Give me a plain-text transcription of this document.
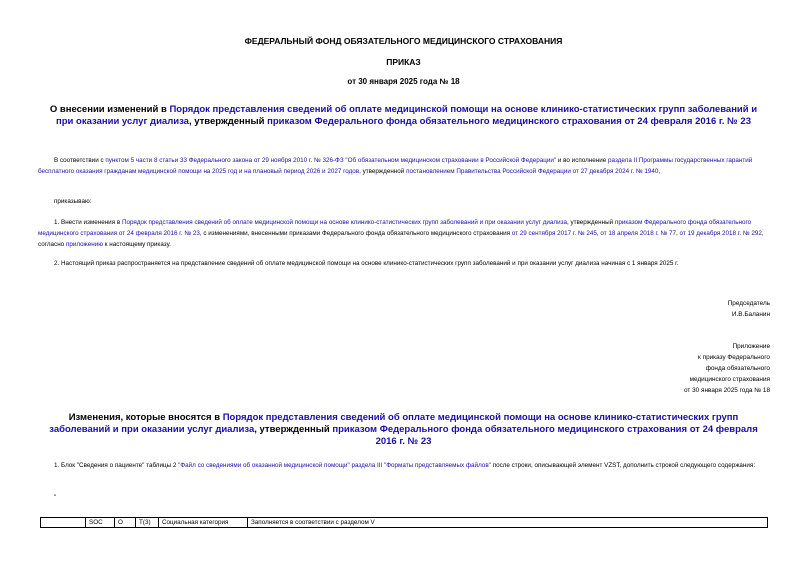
ФЕДЕРАЛЬНЫЙ ФОНД ОБЯЗАТЕЛЬНОГО МЕДИЦИНСКОГО СТРАХОВАНИЯ
ПРИКАЗ
от 30 января 2025 года № 18
О внесении изменений в Порядок представления сведений об оплате медицинской помощи на основе клинико-статистических групп заболеваний и при оказании услуг диализа, утвержденный приказом Федерального фонда обязательного медицинского страхования от 24 февраля 2016 г. № 23

В соответствии с пунктом 5 части 8 статьи 33 Федерального закона от 29 ноября 2010 г. № 326-ФЗ "Об обязательном медицинском страховании в Российской Федерации" и во исполнение раздела II Программы государственных гарантий бесплатного оказания гражданам медицинской помощи на 2025 год и на плановый период 2026 и 2027 годов, утвержденной постановлением Правительства Российской Федерации от 27 декабря 2024 г. № 1940,

приказываю:

1. Внести изменения в Порядок представления сведений об оплате медицинской помощи на основе клинико-статистических групп заболеваний и при оказании услуг диализа, утвержденный приказом Федерального фонда обязательного медицинского страхования от 24 февраля 2016 г. № 23, с изменениями, внесенными приказами Федерального фонда обязательного медицинского страхования от 29 сентября 2017 г. № 245, от 18 апреля 2018 г. № 77, от 19 декабря 2018 г. № 292, согласно приложению к настоящему приказу.

2. Настоящий приказ распространяется на представление сведений об оплате медицинской помощи на основе клинико-статистических групп заболеваний и при оказании услуг диализа начиная с 1 января 2025 г.

Председатель
И.В.Баланин
Приложение
к приказу Федерального
фонда обязательного
медицинского страхования
от 30 января 2025 года № 18
Изменения, которые вносятся в Порядок представления сведений об оплате медицинской помощи на основе клинико-статистических групп заболеваний и при оказании услуг диализа, утвержденный приказом Федерального фонда обязательного медицинского страхования от 24 февраля 2016 г. № 23

1. Блок "Сведения о пациенте" таблицы 2 "Файл со сведениями об оказанной медицинской помощи" раздела III "Форматы представляемых файлов" после строки, описывающей элемент VZST, дополнить строкой следующего содержания:

"

	SOC	O	T(3)	Социальная категория	Заполняется в соответствии с разделом V
